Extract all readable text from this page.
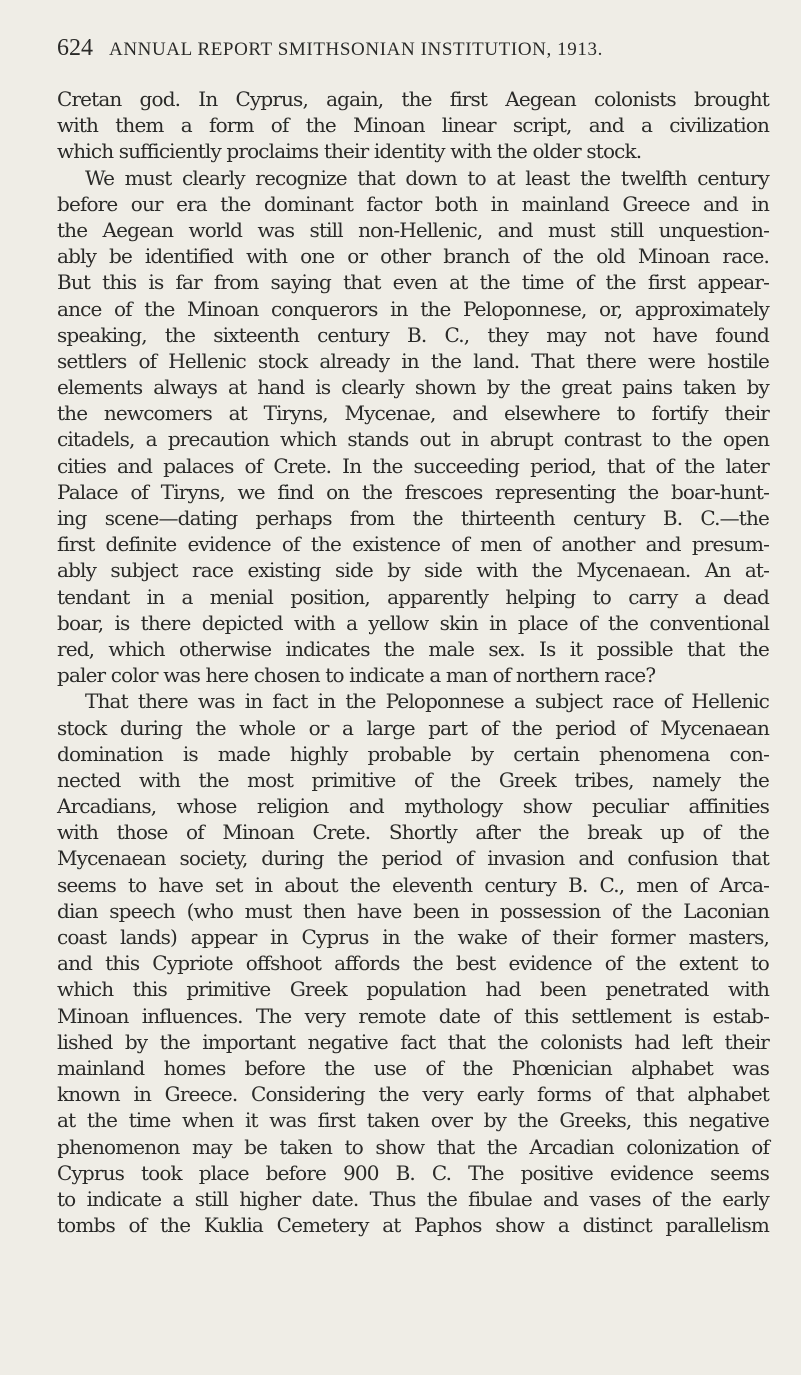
624 ANNUAL REPORT SMITHSONIAN INSTITUTION, 1913.
Cretan god. In Cyprus, again, the first Aegean colonists brought
with them a form of the Minoan linear script, and a civilization
which sufficiently proclaims their identity with the older stock.
We must clearly recognize that down to at least the twelfth century
before our era the dominant factor both in mainland Greece and in
the Aegean world was still non-Hellenic, and must still unquestion-
ably be identified with one or other branch of the old Minoan race.
But this is far from saying that even at the time of the first appear-
ance of the Minoan conquerors in the Peloponnese, or, approximately
speaking, the sixteenth century B. C., they may not have found
settlers of Hellenic stock already in the land. That there were hostile
elements always at hand is clearly shown by the great pains taken by
the newcomers at Tiryns, Mycenae, and elsewhere to fortify their
citadels, a precaution which stands out in abrupt contrast to the open
cities and palaces of Crete. In the succeeding period, that of the later
Palace of Tiryns, we find on the frescoes representing the boar-hunt-
ing scene—dating perhaps from the thirteenth century B. C.—the
first definite evidence of the existence of men of another and presum-
ably subject race existing side by side with the Mycenaean. An at-
tendant in a menial position, apparently helping to carry a dead
boar, is there depicted with a yellow skin in place of the conventional
red, which otherwise indicates the male sex. Is it possible that the
paler color was here chosen to indicate a man of northern race?
That there was in fact in the Peloponnese a subject race of Hellenic
stock during the whole or a large part of the period of Mycenaean
domination is made highly probable by certain phenomena con-
nected with the most primitive of the Greek tribes, namely the
Arcadians, whose religion and mythology show peculiar affinities
with those of Minoan Crete. Shortly after the break up of the
Mycenaean society, during the period of invasion and confusion that
seems to have set in about the eleventh century B. C., men of Arca-
dian speech (who must then have been in possession of the Laconian
coast lands) appear in Cyprus in the wake of their former masters,
and this Cypriote offshoot affords the best evidence of the extent to
which this primitive Greek population had been penetrated with
Minoan influences. The very remote date of this settlement is estab-
lished by the important negative fact that the colonists had left their
mainland homes before the use of the Phœnician alphabet was
known in Greece. Considering the very early forms of that alphabet
at the time when it was first taken over by the Greeks, this negative
phenomenon may be taken to show that the Arcadian colonization of
Cyprus took place before 900 B. C. The positive evidence seems
to indicate a still higher date. Thus the fibulae and vases of the early
tombs of the Kuklia Cemetery at Paphos show a distinct parallelism
